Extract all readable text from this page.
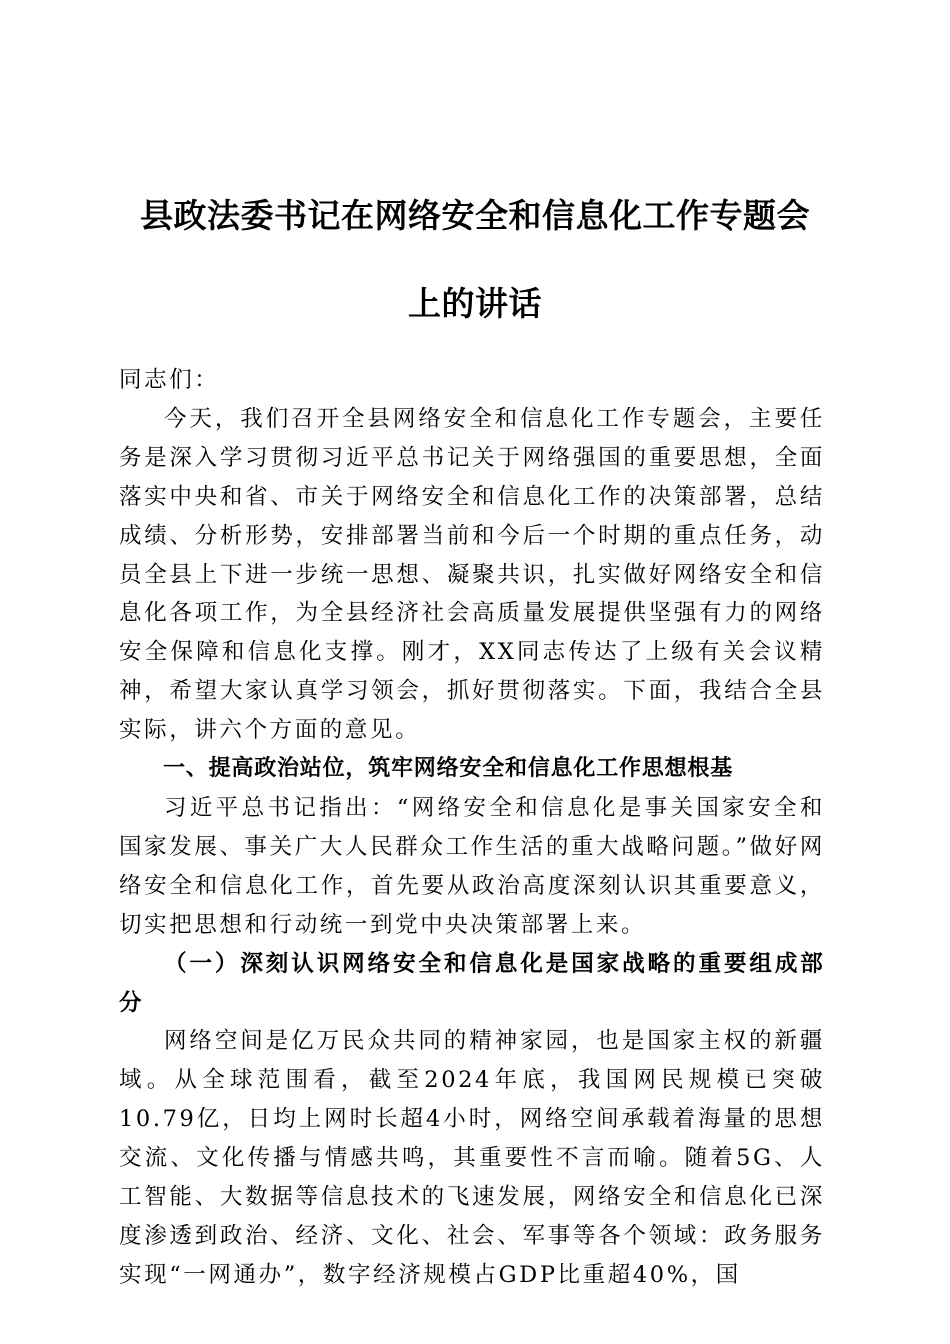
县政法委书记在网络安全和信息化工作专题会
上的讲话

同志们：

今天，我们召开全县网络安全和信息化工作专题会，主要任务是深入学习贯彻习近平总书记关于网络强国的重要思想，全面落实中央和省、市关于网络安全和信息化工作的决策部署，总结成绩、分析形势，安排部署当前和今后一个时期的重点任务，动员全县上下进一步统一思想、凝聚共识，扎实做好网络安全和信息化各项工作，为全县经济社会高质量发展提供坚强有力的网络安全保障和信息化支撑。刚才，XX同志传达了上级有关会议精神，希望大家认真学习领会，抓好贯彻落实。下面，我结合全县实际，讲六个方面的意见。

一、提高政治站位，筑牢网络安全和信息化工作思想根基

习近平总书记指出：“网络安全和信息化是事关国家安全和国家发展、事关广大人民群众工作生活的重大战略问题。”做好网络安全和信息化工作，首先要从政治高度深刻认识其重要意义，切实把思想和行动统一到党中央决策部署上来。

（一）深刻认识网络安全和信息化是国家战略的重要组成部分

网络空间是亿万民众共同的精神家园，也是国家主权的新疆域。从全球范围看，截至2024年底，我国网民规模已突破10.79亿，日均上网时长超4小时，网络空间承载着海量的思想交流、文化传播与情感共鸣，其重要性不言而喻。随着5G、人工智能、大数据等信息技术的飞速发展，网络安全和信息化已深度渗透到政治、经济、文化、社会、军事等各个领域：政务服务实现“一网通办”，数字经济规模占GDP比重超40%，国
